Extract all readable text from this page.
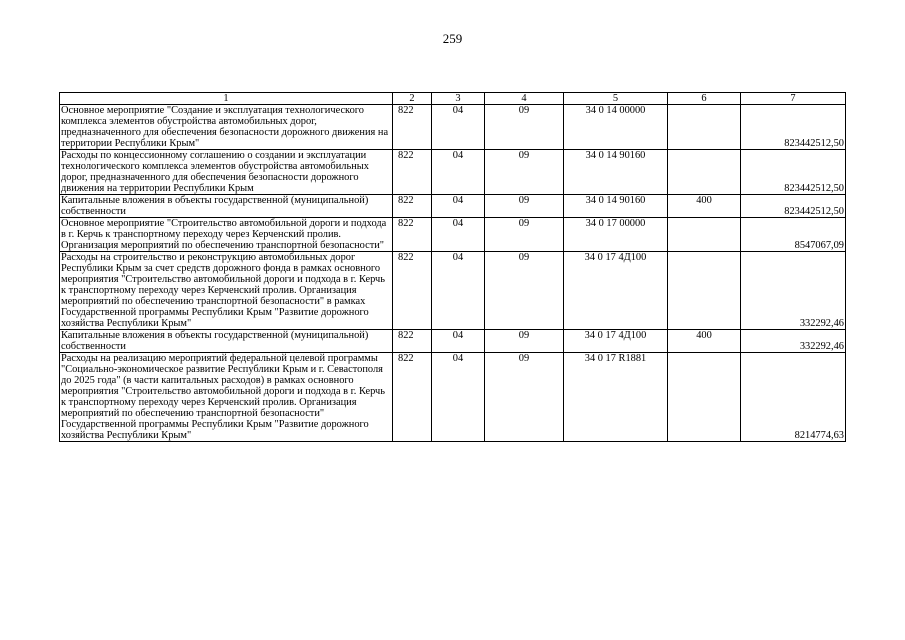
259
1	2	3	4	5	6	7
Основное мероприятие "Создание и эксплуатация технологического комплекса элементов обустройства автомобильных дорог, предназначенного для обеспечения безопасности дорожного движения на территории Республики Крым"	822	04	09	34 0 14 00000		823442512,50
Расходы по концессионному соглашению о создании и эксплуатации технологического комплекса элементов обустройства автомобильных дорог, предназначенного для обеспечения безопасности дорожного движения на территории Республики Крым	822	04	09	34 0 14 90160		823442512,50
Капитальные вложения в объекты государственной (муниципальной) собственности	822	04	09	34 0 14 90160	400	823442512,50
Основное мероприятие "Строительство автомобильной дороги и подхода в г. Керчь к транспортному переходу через Керченский пролив. Организация мероприятий по обеспечению транспортной безопасности"	822	04	09	34 0 17 00000		8547067,09
Расходы на строительство и реконструкцию автомобильных дорог Республики Крым за счет средств дорожного фонда в рамках основного мероприятия "Строительство автомобильной дороги и подхода в г. Керчь к транспортному переходу через Керченский пролив. Организация мероприятий по обеспечению транспортной безопасности" в рамках Государственной программы Республики Крым "Развитие дорожного хозяйства Республики Крым"	822	04	09	34 0 17 4Д100		332292,46
Капитальные вложения в объекты государственной (муниципальной) собственности	822	04	09	34 0 17 4Д100	400	332292,46
Расходы на реализацию мероприятий федеральной целевой программы "Социально-экономическое развитие Республики Крым и г. Севастополя до 2025 года" (в части капитальных расходов) в рамках основного мероприятия "Строительство автомобильной дороги и подхода в г. Керчь к транспортному переходу через Керченский пролив. Организация мероприятий по обеспечению транспортной безопасности" Государственной программы Республики Крым "Развитие дорожного хозяйства Республики Крым"	822	04	09	34 0 17 R1881		8214774,63
